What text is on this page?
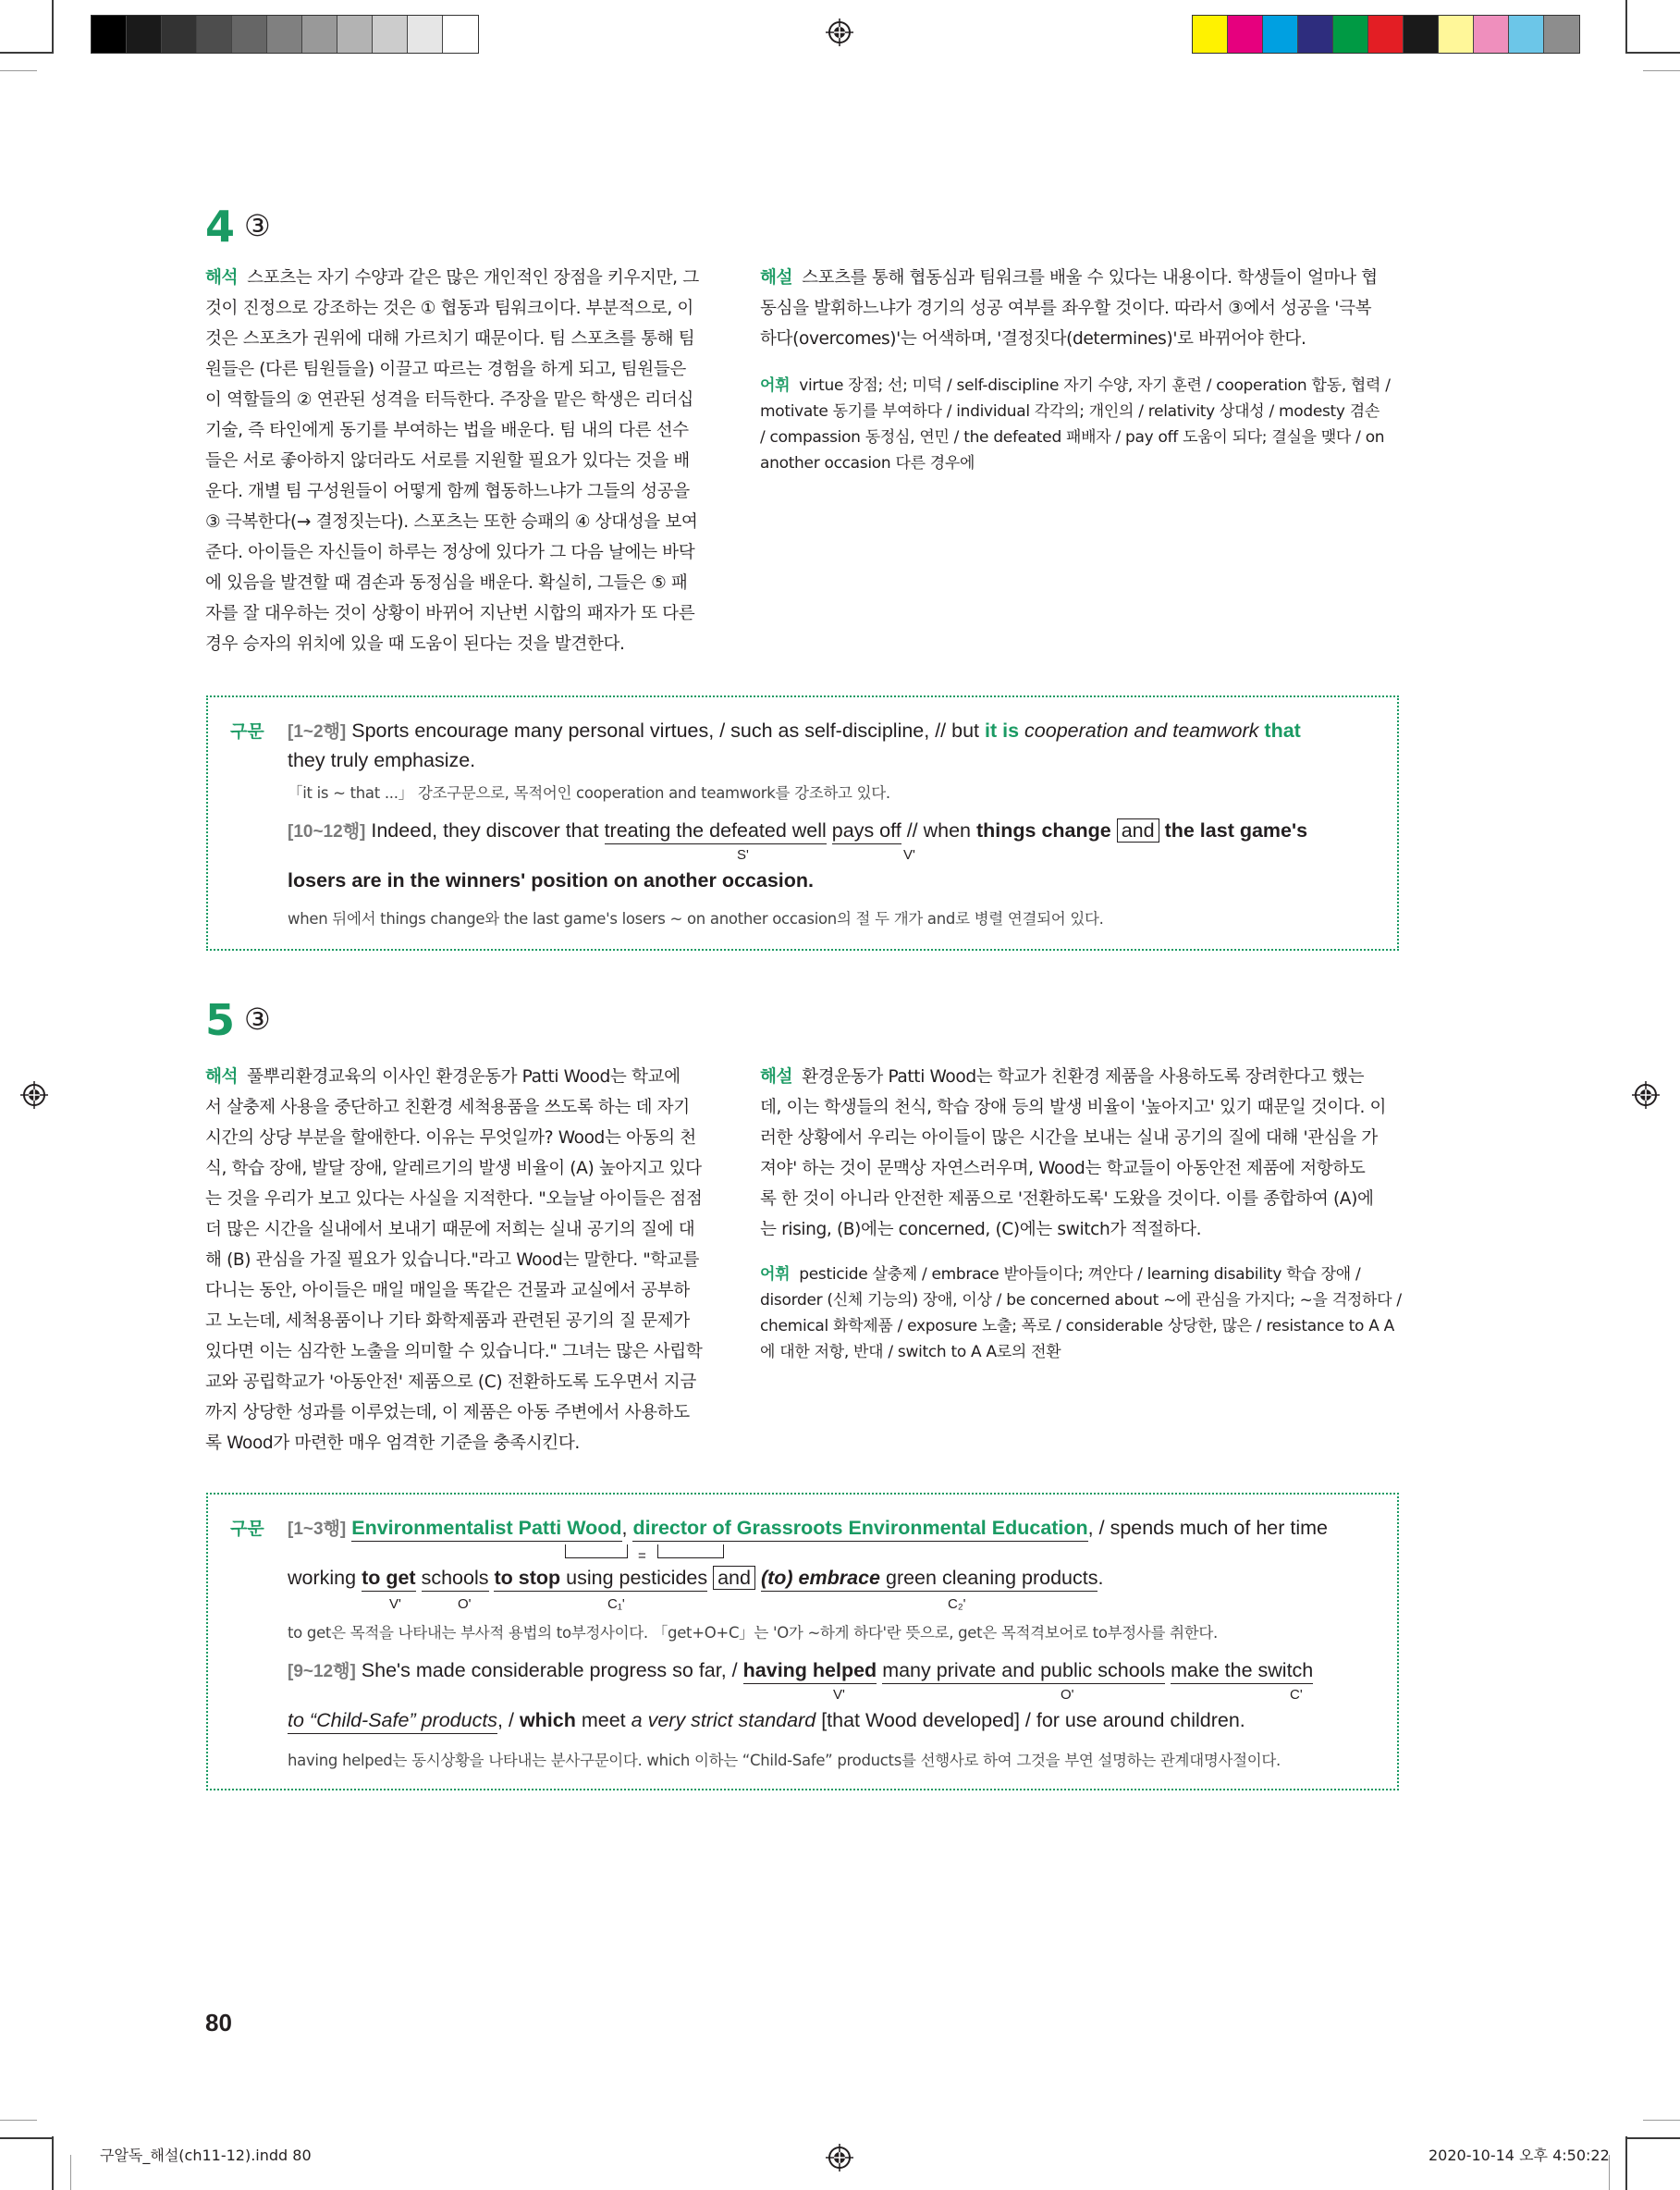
4 ③
해석 스포츠는 자기 수양과 같은 많은 개인적인 장점을 키우지만, 그
것이 진정으로 강조하는 것은 ① 협동과 팀워크이다. 부분적으로, 이
것은 스포츠가 권위에 대해 가르치기 때문이다. 팀 스포츠를 통해 팀
원들은 (다른 팀원들을) 이끌고 따르는 경험을 하게 되고, 팀원들은
이 역할들의 ② 연관된 성격을 터득한다. 주장을 맡은 학생은 리더십
기술, 즉 타인에게 동기를 부여하는 법을 배운다. 팀 내의 다른 선수
들은 서로 좋아하지 않더라도 서로를 지원할 필요가 있다는 것을 배
운다. 개별 팀 구성원들이 어떻게 함께 협동하느냐가 그들의 성공을
③ 극복한다(→ 결정짓는다). 스포츠는 또한 승패의 ④ 상대성을 보여
준다. 아이들은 자신들이 하루는 정상에 있다가 그 다음 날에는 바닥
에 있음을 발견할 때 겸손과 동정심을 배운다. 확실히, 그들은 ⑤ 패
자를 잘 대우하는 것이 상황이 바뀌어 지난번 시합의 패자가 또 다른
경우 승자의 위치에 있을 때 도움이 된다는 것을 발견한다.
해설 스포츠를 통해 협동심과 팀워크를 배울 수 있다는 내용이다. 학생들이 얼마나 협
동심을 발휘하느냐가 경기의 성공 여부를 좌우할 것이다. 따라서 ③에서 성공을 '극복
하다(overcomes)'는 어색하며, '결정짓다(determines)'로 바뀌어야 한다.
어휘 virtue 장점; 선; 미덕 / self-discipline 자기 수양, 자기 훈련 / cooperation 합동, 협력 /
motivate 동기를 부여하다 / individual 각각의; 개인의 / relativity 상대성 / modesty 겸손
/ compassion 동정심, 연민 / the defeated 패배자 / pay off 도움이 되다; 결실을 맺다 / on
another occasion 다른 경우에
구문 [1~2행] Sports encourage many personal virtues, / such as self-discipline, // but it is cooperation and teamwork that
they truly emphasize.
「it is ~ that ...」 강조구문으로, 목적어인 cooperation and teamwork를 강조하고 있다.
[10~12행] Indeed, they discover that treating the defeated well pays off // when things change and the last game's
S'	V'
losers are in the winners' position on another occasion.
when 뒤에서 things change와 the last game's losers ~ on another occasion의 절 두 개가 and로 병렬 연결되어 있다.
5 ③
해석 풀뿌리환경교육의 이사인 환경운동가 Patti Wood는 학교에
서 살충제 사용을 중단하고 친환경 세척용품을 쓰도록 하는 데 자기
시간의 상당 부분을 할애한다. 이유는 무엇일까? Wood는 아동의 천
식, 학습 장애, 발달 장애, 알레르기의 발생 비율이 (A) 높아지고 있다
는 것을 우리가 보고 있다는 사실을 지적한다. "오늘날 아이들은 점점
더 많은 시간을 실내에서 보내기 때문에 저희는 실내 공기의 질에 대
해 (B) 관심을 가질 필요가 있습니다."라고 Wood는 말한다. "학교를
다니는 동안, 아이들은 매일 매일을 똑같은 건물과 교실에서 공부하
고 노는데, 세척용품이나 기타 화학제품과 관련된 공기의 질 문제가
있다면 이는 심각한 노출을 의미할 수 있습니다." 그녀는 많은 사립학
교와 공립학교가 '아동안전' 제품으로 (C) 전환하도록 도우면서 지금
까지 상당한 성과를 이루었는데, 이 제품은 아동 주변에서 사용하도
록 Wood가 마련한 매우 엄격한 기준을 충족시킨다.
해설 환경운동가 Patti Wood는 학교가 친환경 제품을 사용하도록 장려한다고 했는
데, 이는 학생들의 천식, 학습 장애 등의 발생 비율이 '높아지고' 있기 때문일 것이다. 이
러한 상황에서 우리는 아이들이 많은 시간을 보내는 실내 공기의 질에 대해 '관심을 가
져야' 하는 것이 문맥상 자연스러우며, Wood는 학교들이 아동안전 제품에 저항하도
록 한 것이 아니라 안전한 제품으로 '전환하도록' 도왔을 것이다. 이를 종합하여 (A)에
는 rising, (B)에는 concerned, (C)에는 switch가 적절하다.
어휘 pesticide 살충제 / embrace 받아들이다; 껴안다 / learning disability 학습 장애 /
disorder (신체 기능의) 장애, 이상 / be concerned about ~에 관심을 가지다; ~을 걱정하다 /
chemical 화학제품 / exposure 노출; 폭로 / considerable 상당한, 많은 / resistance to A A
에 대한 저항, 반대 / switch to A A로의 전환
구문 [1~3행] Environmentalist Patti Wood, director of Grassroots Environmental Education, / spends much of her time
=
working to get schools to stop using pesticides and (to) embrace green cleaning products.
V'	O'	C₁'	C₂'
to get은 목적을 나타내는 부사적 용법의 to부정사이다. 「get+O+C」는 'O가 ~하게 하다'란 뜻으로, get은 목적격보어로 to부정사를 취한다.
[9~12행] She's made considerable progress so far, / having helped many private and public schools make the switch
V'	O'	C'
to “Child-Safe” products, / which meet a very strict standard [that Wood developed] / for use around children.
having helped는 동시상황을 나타내는 분사구문이다. which 이하는 “Child-Safe” products를 선행사로 하여 그것을 부연 설명하는 관계대명사절이다.
80
구알독_해설(ch11-12).indd 80	2020-10-14 오후 4:50:22
